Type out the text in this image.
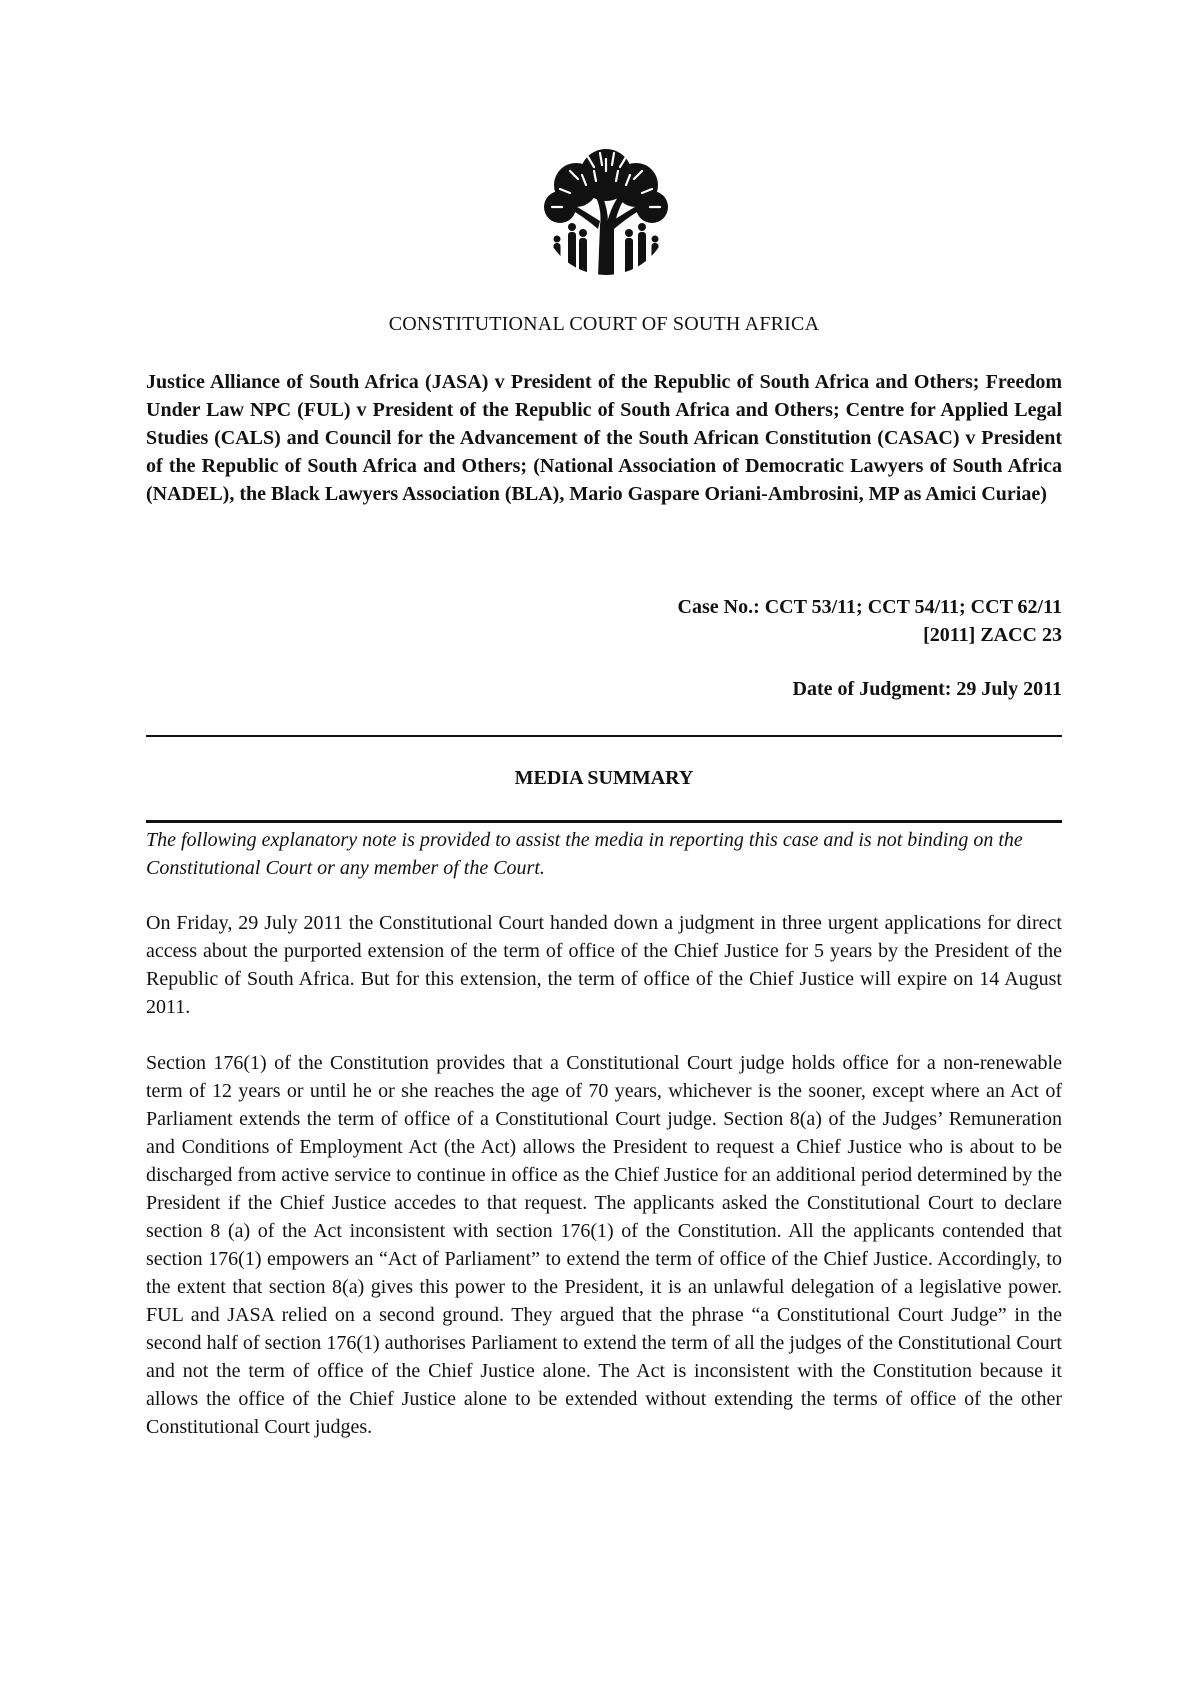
CONSTITUTIONAL COURT OF SOUTH AFRICA
Justice Alliance of South Africa (JASA) v President of the Republic of South Africa and Others; Freedom Under Law NPC (FUL) v President of the Republic of South Africa and Others; Centre for Applied Legal Studies (CALS) and Council for the Advancement of the South African Constitution (CASAC) v President of the Republic of South Africa and Others; (National Association of Democratic Lawyers of South Africa (NADEL), the Black Lawyers Association (BLA), Mario Gaspare Oriani-Ambrosini, MP as Amici Curiae)
Case No.: CCT 53/11; CCT 54/11; CCT 62/11
[2011] ZACC 23
Date of Judgment: 29 July 2011
MEDIA SUMMARY
The following explanatory note is provided to assist the media in reporting this case and is not binding on the Constitutional Court or any member of the Court.
On Friday, 29 July 2011 the Constitutional Court handed down a judgment in three urgent applications for direct access about the purported extension of the term of office of the Chief Justice for 5 years by the President of the Republic of South Africa. But for this extension, the term of office of the Chief Justice will expire on 14 August 2011.
Section 176(1) of the Constitution provides that a Constitutional Court judge holds office for a non-renewable term of 12 years or until he or she reaches the age of 70 years, whichever is the sooner, except where an Act of Parliament extends the term of office of a Constitutional Court judge. Section 8(a) of the Judges’ Remuneration and Conditions of Employment Act (the Act) allows the President to request a Chief Justice who is about to be discharged from active service to continue in office as the Chief Justice for an additional period determined by the President if the Chief Justice accedes to that request. The applicants asked the Constitutional Court to declare section 8 (a) of the Act inconsistent with section 176(1) of the Constitution. All the applicants contended that section 176(1) empowers an “Act of Parliament” to extend the term of office of the Chief Justice. Accordingly, to the extent that section 8(a) gives this power to the President, it is an unlawful delegation of a legislative power. FUL and JASA relied on a second ground. They argued that the phrase “a Constitutional Court Judge” in the second half of section 176(1) authorises Parliament to extend the term of all the judges of the Constitutional Court and not the term of office of the Chief Justice alone. The Act is inconsistent with the Constitution because it allows the office of the Chief Justice alone to be extended without extending the terms of office of the other Constitutional Court judges.
